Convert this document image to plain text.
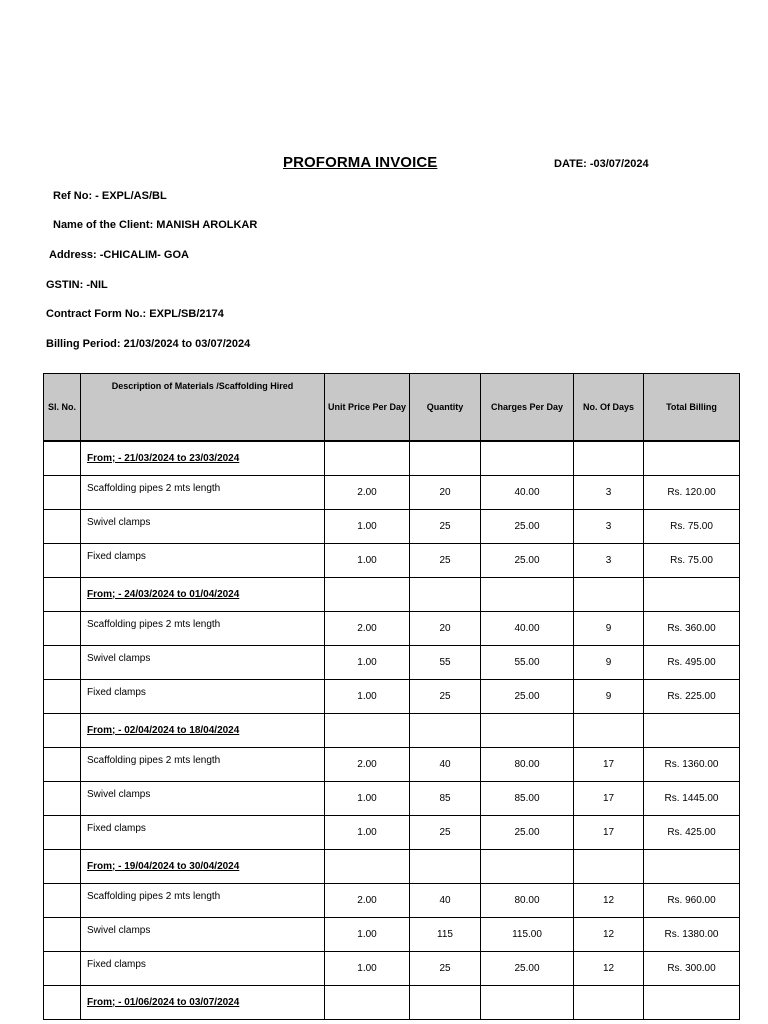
PROFORMA INVOICE	DATE: -03/07/2024
Ref No: - EXPL/AS/BL
Name of the Client: MANISH AROLKAR
Address: -CHICALIM- GOA
GSTIN: -NIL
Contract Form No.: EXPL/SB/2174
Billing Period: 21/03/2024 to 03/07/2024
Sl. No.	Description of Materials /Scaffolding Hired	Unit Price Per Day	Quantity	Charges Per Day	No. Of Days	Total Billing
	From; - 21/03/2024 to 23/03/2024					
	Scaffolding pipes 2 mts length	2.00	20	40.00	3	Rs. 120.00
	Swivel clamps	1.00	25	25.00	3	Rs. 75.00
	Fixed clamps	1.00	25	25.00	3	Rs. 75.00
	From; - 24/03/2024 to 01/04/2024					
	Scaffolding pipes 2 mts length	2.00	20	40.00	9	Rs. 360.00
	Swivel clamps	1.00	55	55.00	9	Rs. 495.00
	Fixed clamps	1.00	25	25.00	9	Rs. 225.00
	From; - 02/04/2024 to 18/04/2024					
	Scaffolding pipes 2 mts length	2.00	40	80.00	17	Rs. 1360.00
	Swivel clamps	1.00	85	85.00	17	Rs. 1445.00
	Fixed clamps	1.00	25	25.00	17	Rs. 425.00
	From; - 19/04/2024 to 30/04/2024					
	Scaffolding pipes 2 mts length	2.00	40	80.00	12	Rs. 960.00
	Swivel clamps	1.00	115	115.00	12	Rs. 1380.00
	Fixed clamps	1.00	25	25.00	12	Rs. 300.00
	From; - 01/06/2024 to 03/07/2024					
